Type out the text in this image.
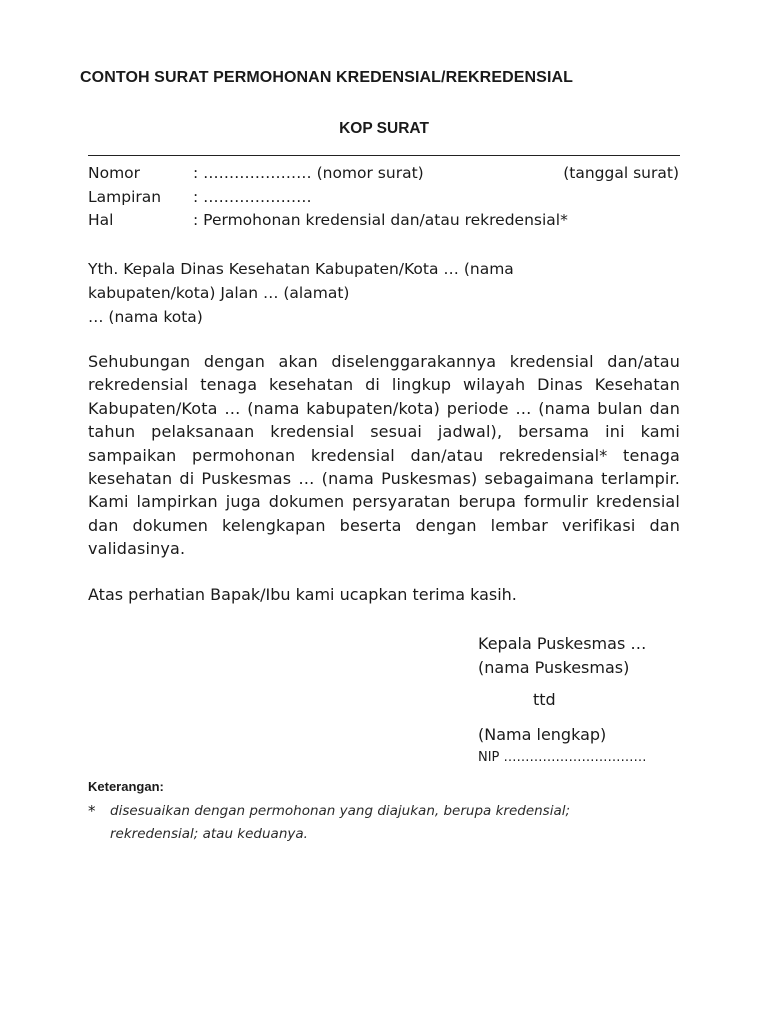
CONTOH SURAT PERMOHONAN KREDENSIAL/REKREDENSIAL
KOP SURAT
Nomor	: ………………… (nomor surat)	(tanggal surat)
Lampiran : …………………
Hal	: Permohonan kredensial dan/atau rekredensial*
Yth. Kepala Dinas Kesehatan Kabupaten/Kota … (nama
kabupaten/kota) Jalan … (alamat)
… (nama kota)
Sehubungan dengan akan diselenggarakannya kredensial dan/atau rekredensial tenaga kesehatan di lingkup wilayah Dinas Kesehatan Kabupaten/Kota … (nama kabupaten/kota) periode … (nama bulan dan tahun pelaksanaan kredensial sesuai jadwal), bersama ini kami sampaikan permohonan kredensial dan/atau rekredensial* tenaga kesehatan di Puskesmas … (nama Puskesmas) sebagaimana terlampir. Kami lampirkan juga dokumen persyaratan berupa formulir kredensial dan dokumen kelengkapan beserta dengan lembar verifikasi dan validasinya.
Atas perhatian Bapak/Ibu kami ucapkan terima kasih.
Kepala Puskesmas …
(nama Puskesmas)
ttd
(Nama lengkap)
NIP ……………………………
Keterangan:
* disesuaikan dengan permohonan yang diajukan, berupa kredensial;
rekredensial; atau keduanya.
